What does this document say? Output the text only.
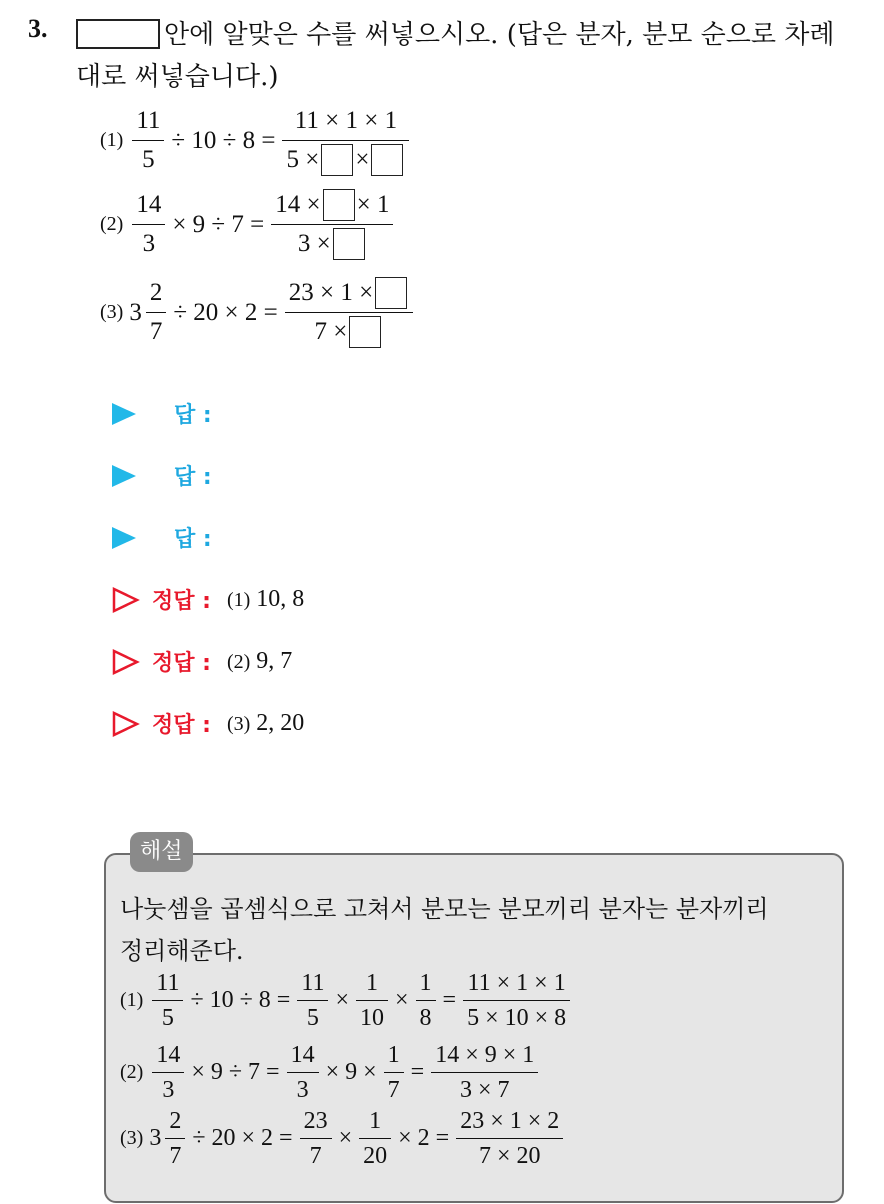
3.	안에 알맞은 수를 써넣으시오. (답은 분자, 분모 순으로 차례
대로 써넣습니다.)
$(1) \frac{11}{5} \div 10 \div 8 = \frac{11 \times 1 \times 1}{5 \times \times}$
$(2) \frac{14}{3} \times 9 \div 7 = \frac{14 \times \times 1}{3 \times}$
(3) $3 \frac{2}{7} \div 20 \times 2 = \frac{23 \times 1 \times}{7 \times}$
답 :
답 :
답 :
정답 : (1) 10, 8
정답 : (2) 9, 7
정답 : (3) 2, 20
해설
나눗셈을 곱셈식으로 고쳐서 분모는 분모끼리 분자는 분자끼리
정리해준다.
$(1) \frac{11}{5} \div 10 \div 8 = \frac{11}{5} \times \frac{1}{10} \times \frac{1}{8} = \frac{11 \times 1 \times 1}{5 \times 10 \times 8}$
$(2) \frac{14}{3} \times 9 \div 7 = \frac{14}{3} \times 9 \times \frac{1}{7} = \frac{14 \times 9 \times 1}{3 \times 7}$
(3) $3 \frac{2}{7} \div 20 \times 2 = \frac{23}{7} \times \frac{1}{20} \times 2 = \frac{23 \times 1 \times 2}{7 \times 20}$
